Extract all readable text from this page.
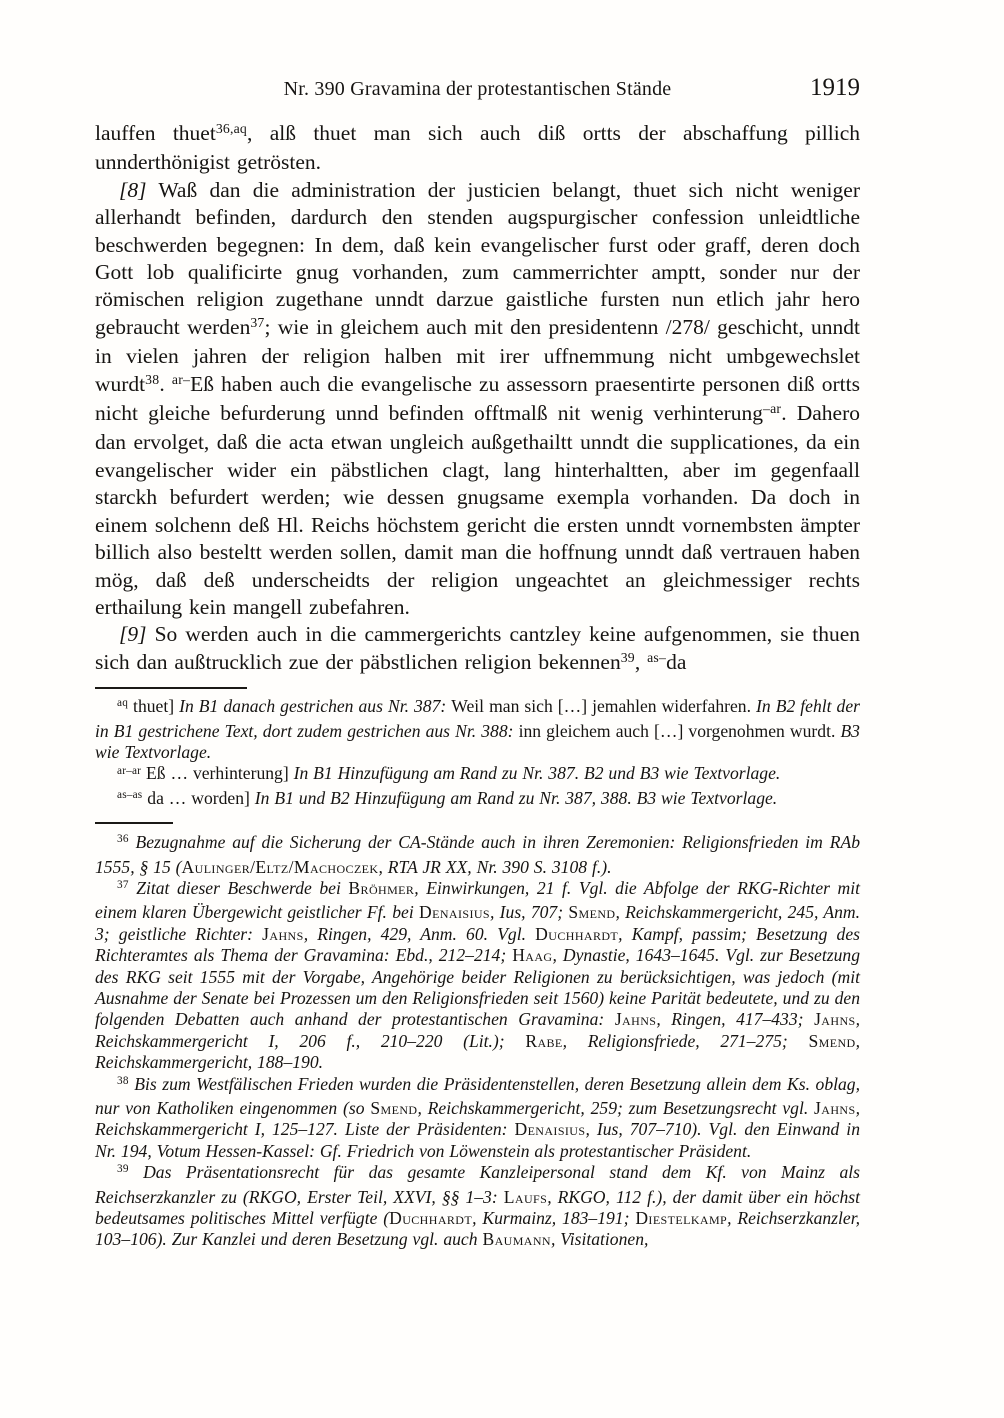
Nr. 390 Gravamina der protestantischen Stände	1919

lauffen thuet$^{36,aq}$, alß thuet man sich auch diß ortts der abschaffung pillich unnderthönigist getrösten.

[8] Waß dan die administration der justicien belangt, thuet sich nicht weniger allerhandt befinden, dardurch den stenden augspurgischer confession unleidtliche beschwerden begegnen: In dem, daß kein evangelischer furst oder graff, deren doch Gott lob qualificirte gnug vorhanden, zum cammerrichter amptt, sonder nur der römischen religion zugethane unndt darzue gaistliche fursten nun etlich jahr hero gebraucht werden$^{37}$; wie in gleichem auch mit den presidentenn /278/ geschicht, unndt in vielen jahren der religion halben mit irer uffnemmung nicht umbgewechslet wurdt$^{38}$. $^{ar-}$Eß haben auch die evangelische zu assessorn praesentirte personen diß ortts nicht gleiche befurderung unnd befinden offtmalß nit wenig verhinterung$^{-ar}$. Dahero dan ervolget, daß die acta etwan ungleich außgethailtt unndt die supplicationes, da ein evangelischer wider ein päbstlichen clagt, lang hinterhaltten, aber im gegenfaall starckh befurdert werden; wie dessen gnugsame exempla vorhanden. Da doch in einem solchenn deß Hl. Reichs höchstem gericht die ersten unndt vornembsten ämpter billich also besteltt werden sollen, damit man die hoffnung unndt daß vertrauen haben mög, daß deß underscheidts der religion ungeachtet an gleichmessiger rechts erthailung kein mangell zubefahren.

[9] So werden auch in die cammergerichts cantzley keine aufgenommen, sie thuen sich dan außtrucklich zue der päbstlichen religion bekennen$^{39}$, $^{as-}$da

$^{aq}$ thuet] In B1 danach gestrichen aus Nr. 387: Weil man sich […] jemahlen widerfahren. In B2 fehlt der in B1 gestrichene Text, dort zudem gestrichen aus Nr. 388: inn gleichem auch […] vorgenohmen wurdt. B3 wie Textvorlage.

$^{ar-ar}$ Eß … verhinterung] In B1 Hinzufügung am Rand zu Nr. 387. B2 und B3 wie Textvorlage.

$^{as-as}$ da … worden] In B1 und B2 Hinzufügung am Rand zu Nr. 387, 388. B3 wie Textvorlage.

$^{36}$ Bezugnahme auf die Sicherung der CA-Stände auch in ihren Zeremonien: Religionsfrieden im RAb 1555, § 15 (Aulinger/Eltz/Machoczek, RTA JR XX, Nr. 390 S. 3108 f.).

$^{37}$ Zitat dieser Beschwerde bei Bröhmer, Einwirkungen, 21 f. Vgl. die Abfolge der RKG-Richter mit einem klaren Übergewicht geistlicher Ff. bei Denaisius, Ius, 707; Smend, Reichskammergericht, 245, Anm. 3; geistliche Richter: Jahns, Ringen, 429, Anm. 60. Vgl. Duchhardt, Kampf, passim; Besetzung des Richteramtes als Thema der Gravamina: Ebd., 212–214; Haag, Dynastie, 1643–1645. Vgl. zur Besetzung des RKG seit 1555 mit der Vorgabe, Angehörige beider Religionen zu berücksichtigen, was jedoch (mit Ausnahme der Senate bei Prozessen um den Religionsfrieden seit 1560) keine Parität bedeutete, und zu den folgenden Debatten auch anhand der protestantischen Gravamina: Jahns, Ringen, 417–433; Jahns, Reichskammergericht I, 206 f., 210–220 (Lit.); Rabe, Religionsfriede, 271–275; Smend, Reichskammergericht, 188–190.

$^{38}$ Bis zum Westfälischen Frieden wurden die Präsidentenstellen, deren Besetzung allein dem Ks. oblag, nur von Katholiken eingenommen (so Smend, Reichskammergericht, 259; zum Besetzungsrecht vgl. Jahns, Reichskammergericht I, 125–127. Liste der Präsidenten: Denaisius, Ius, 707–710). Vgl. den Einwand in Nr. 194, Votum Hessen-Kassel: Gf. Friedrich von Löwenstein als protestantischer Präsident.

$^{39}$ Das Präsentationsrecht für das gesamte Kanzleipersonal stand dem Kf. von Mainz als Reichserzkanzler zu (RKGO, Erster Teil, XXVI, §§ 1–3: Laufs, RKGO, 112 f.), der damit über ein höchst bedeutsames politisches Mittel verfügte (Duchhardt, Kurmainz, 183–191; Diestelkamp, Reichserzkanzler, 103–106). Zur Kanzlei und deren Besetzung vgl. auch Baumann, Visitationen,
